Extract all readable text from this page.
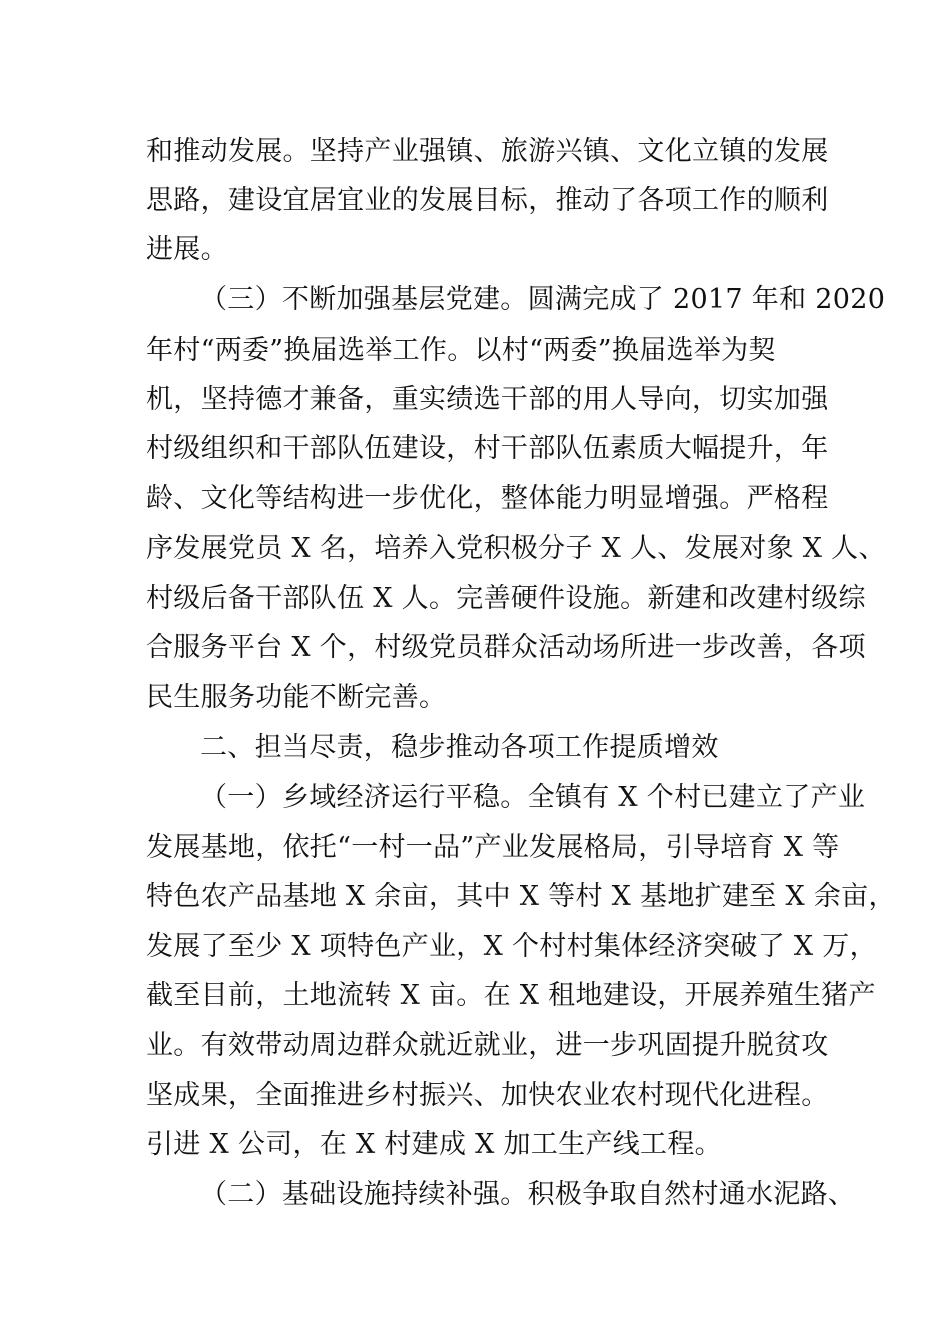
和推动发展。坚持产业强镇、旅游兴镇、文化立镇的发展
思路，建设宜居宜业的发展目标，推动了各项工作的顺利
进展。
（三）不断加强基层党建。圆满完成了 2017 年和 2020
年村“两委”换届选举工作。以村“两委”换届选举为契
机，坚持德才兼备，重实绩选干部的用人导向，切实加强
村级组织和干部队伍建设，村干部队伍素质大幅提升，年
龄、文化等结构进一步优化，整体能力明显增强。严格程
序发展党员 X 名，培养入党积极分子 X 人、发展对象 X 人、
村级后备干部队伍 X 人。完善硬件设施。新建和改建村级综
合服务平台 X 个，村级党员群众活动场所进一步改善，各项
民生服务功能不断完善。
二、担当尽责，稳步推动各项工作提质增效
（一）乡域经济运行平稳。全镇有 X 个村已建立了产业
发展基地，依托“一村一品”产业发展格局，引导培育 X 等
特色农产品基地 X 余亩，其中 X 等村 X 基地扩建至 X 余亩，
发展了至少 X 项特色产业，X 个村村集体经济突破了 X 万，
截至目前，土地流转 X 亩。在 X 租地建设，开展养殖生猪产
业。有效带动周边群众就近就业，进一步巩固提升脱贫攻
坚成果，全面推进乡村振兴、加快农业农村现代化进程。
引进 X 公司，在 X 村建成 X 加工生产线工程。
（二）基础设施持续补强。积极争取自然村通水泥路、
